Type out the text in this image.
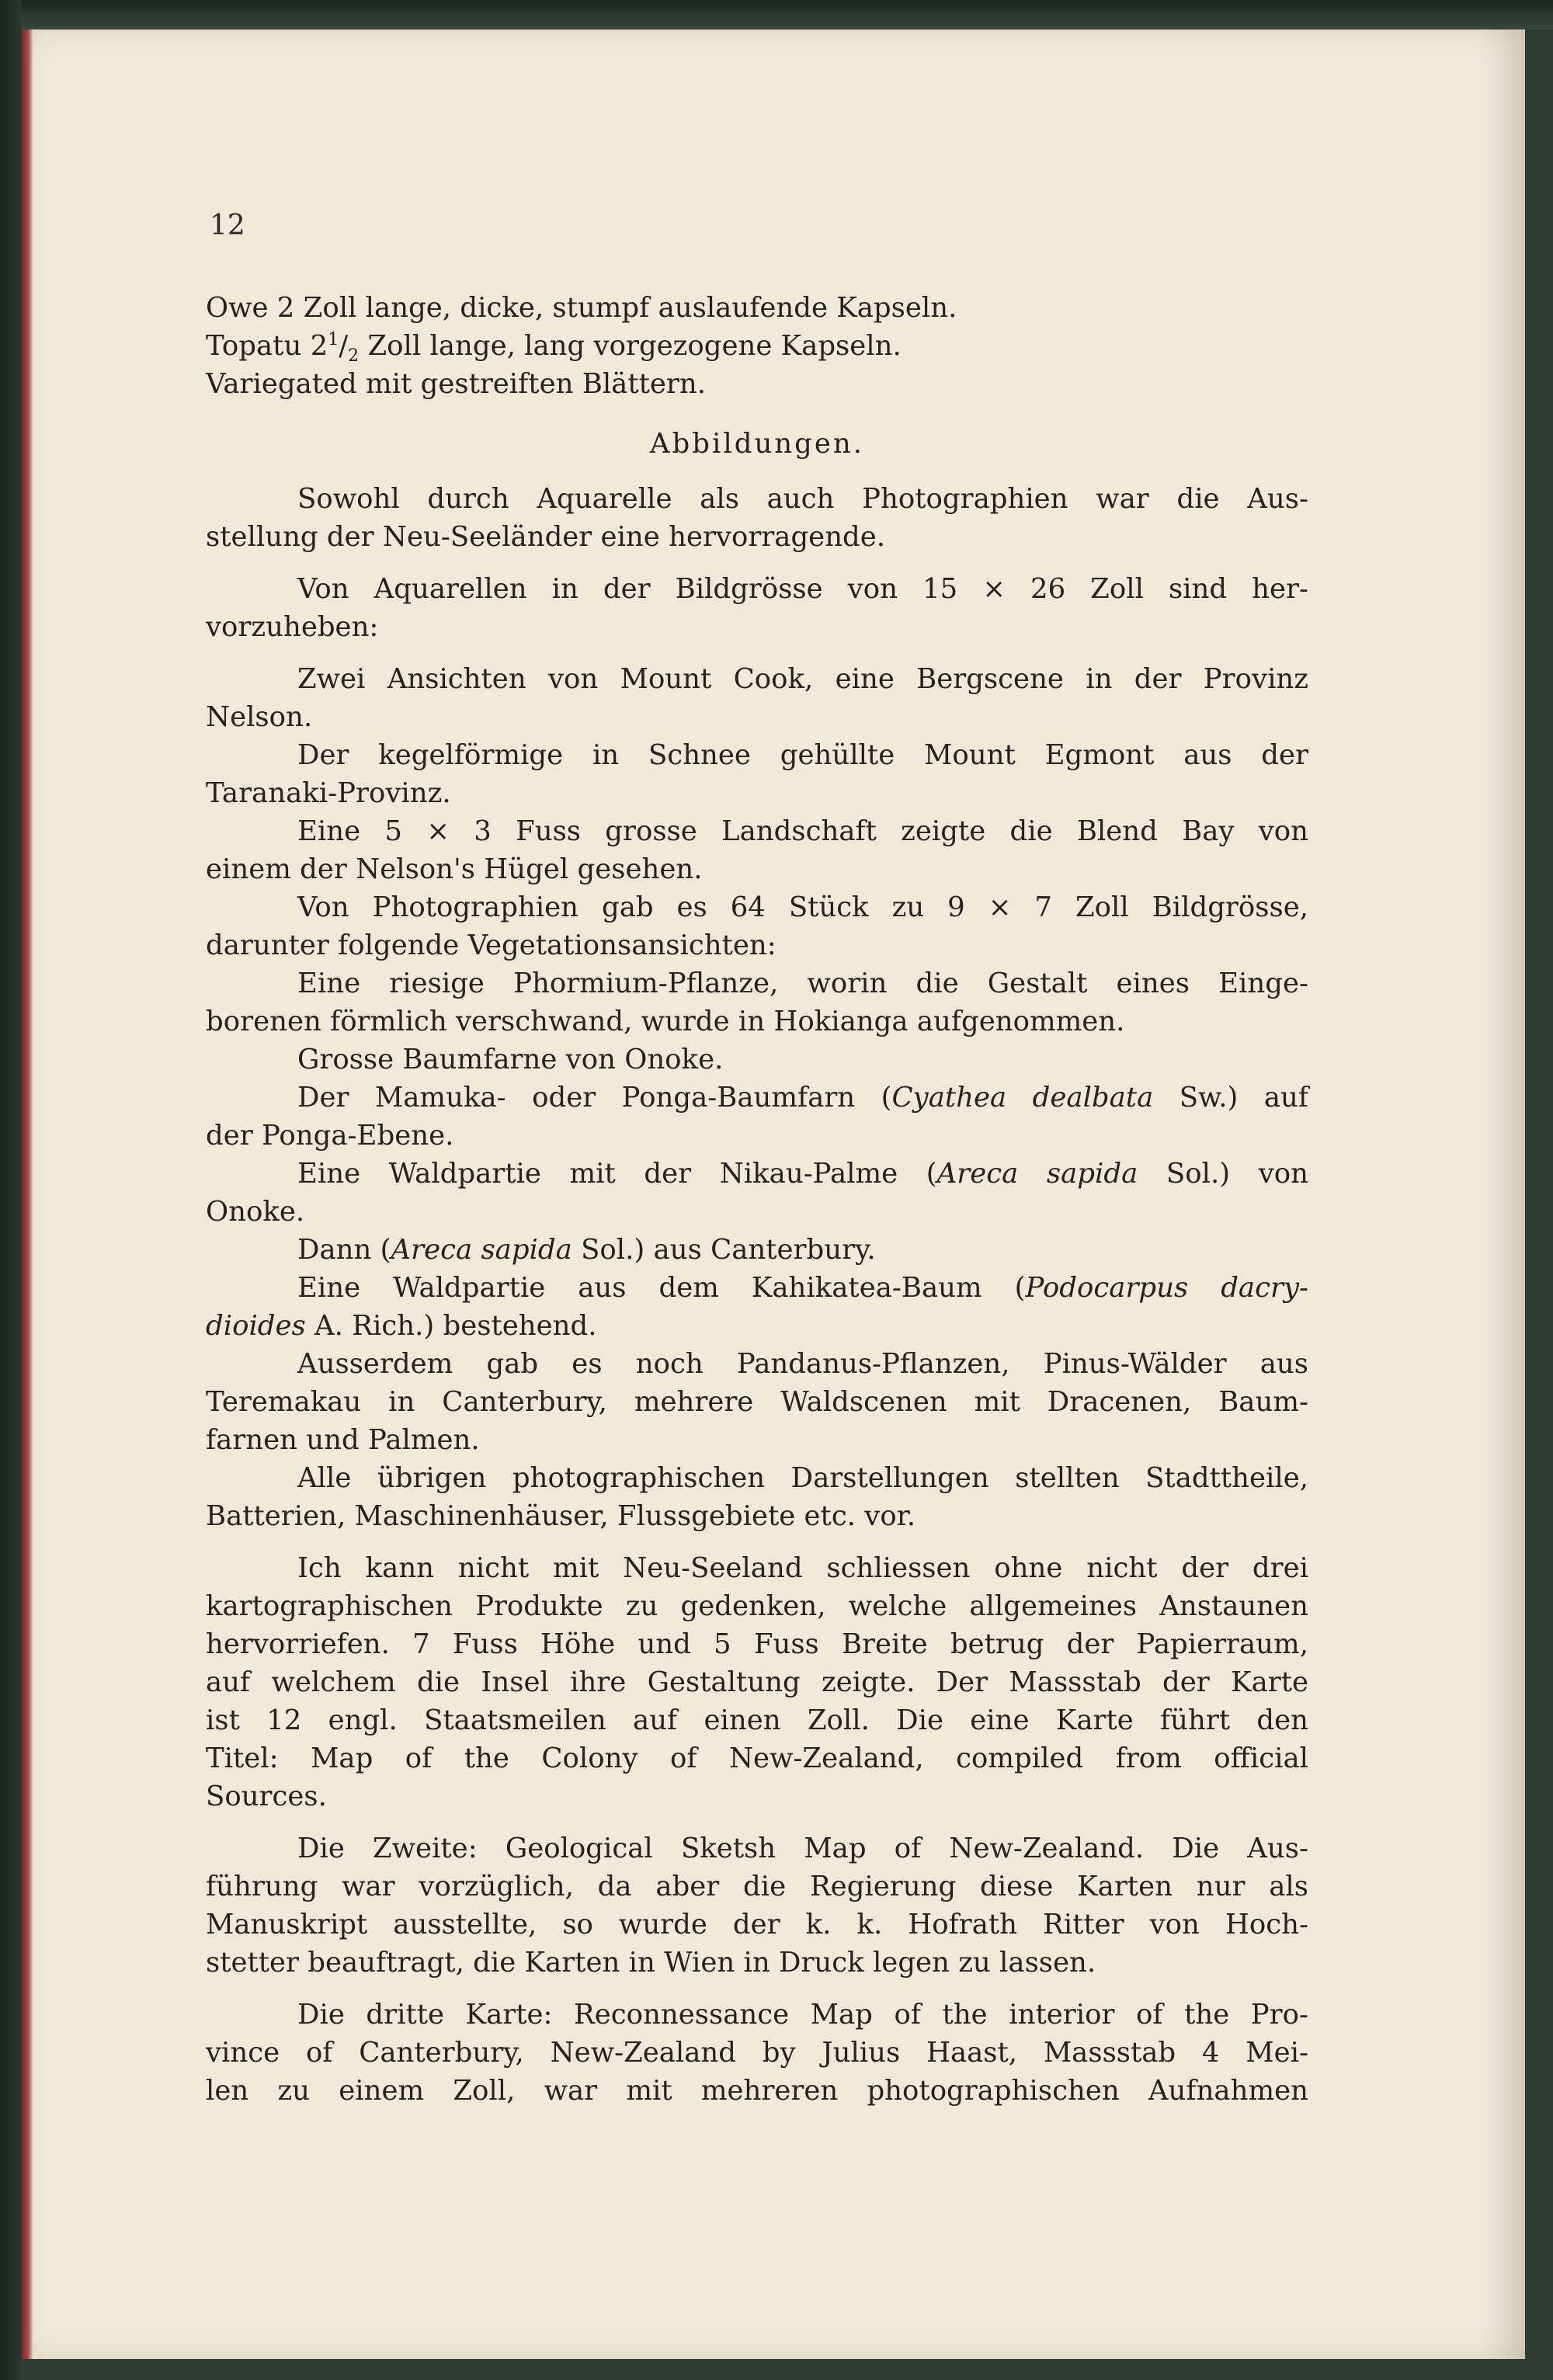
12
Owe 2 Zoll lange, dicke, stumpf auslaufende Kapseln.
Topatu $2^1/_2$ Zoll lange, lang vorgezogene Kapseln.
Variegated mit gestreiften Blättern.
Abbildungen.
Sowohl durch Aquarelle als auch Photographien war die Aus-
stellung der Neu-Seeländer eine hervorragende.
Von Aquarellen in der Bildgrösse von 15 × 26 Zoll sind her-
vorzuheben:
Zwei Ansichten von Mount Cook, eine Bergscene in der Provinz
Nelson.
Der kegelförmige in Schnee gehüllte Mount Egmont aus der
Taranaki-Provinz.
Eine 5 × 3 Fuss grosse Landschaft zeigte die Blend Bay von
einem der Nelson's Hügel gesehen.
Von Photographien gab es 64 Stück zu 9 × 7 Zoll Bildgrösse,
darunter folgende Vegetationsansichten:
Eine riesige Phormium-Pflanze, worin die Gestalt eines Einge-
borenen förmlich verschwand, wurde in Hokianga aufgenommen.
Grosse Baumfarne von Onoke.
Der Mamuka- oder Ponga-Baumfarn (Cyathea dealbata Sw.) auf
der Ponga-Ebene.
Eine Waldpartie mit der Nikau-Palme (Areca sapida Sol.) von
Onoke.
Dann (Areca sapida Sol.) aus Canterbury.
Eine Waldpartie aus dem Kahikatea-Baum (Podocarpus dacry-
dioides A. Rich.) bestehend.
Ausserdem gab es noch Pandanus-Pflanzen, Pinus-Wälder aus
Teremakau in Canterbury, mehrere Waldscenen mit Dracenen, Baum-
farnen und Palmen.
Alle übrigen photographischen Darstellungen stellten Stadttheile,
Batterien, Maschinenhäuser, Flussgebiete etc. vor.
Ich kann nicht mit Neu-Seeland schliessen ohne nicht der drei
kartographischen Produkte zu gedenken, welche allgemeines Anstaunen
hervorriefen. 7 Fuss Höhe und 5 Fuss Breite betrug der Papierraum,
auf welchem die Insel ihre Gestaltung zeigte. Der Massstab der Karte
ist 12 engl. Staatsmeilen auf einen Zoll. Die eine Karte führt den
Titel: Map of the Colony of New-Zealand, compiled from official
Sources.
Die Zweite: Geological Sketsh Map of New-Zealand. Die Aus-
führung war vorzüglich, da aber die Regierung diese Karten nur als
Manuskript ausstellte, so wurde der k. k. Hofrath Ritter von Hoch-
stetter beauftragt, die Karten in Wien in Druck legen zu lassen.
Die dritte Karte: Reconnessance Map of the interior of the Pro-
vince of Canterbury, New-Zealand by Julius Haast, Massstab 4 Mei-
len zu einem Zoll, war mit mehreren photographischen Aufnahmen
